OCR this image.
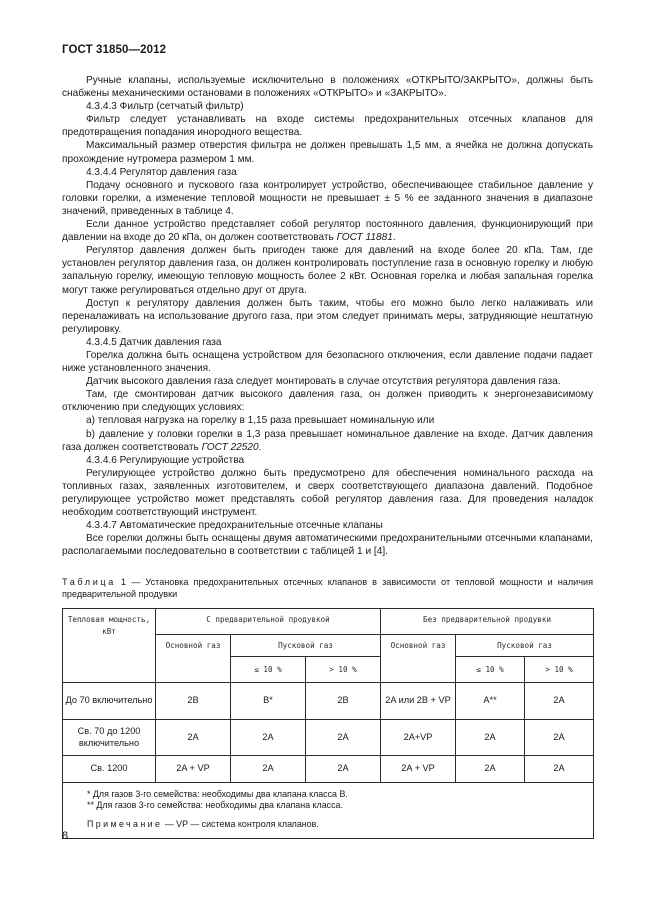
ГОСТ 31850—2012

Ручные клапаны, используемые исключительно в положениях «ОТКРЫТО/ЗАКРЫТО», должны быть снабжены механическими остановами в положениях «ОТКРЫТО» и «ЗАКРЫТО».

4.3.4.3 Фильтр (сетчатый фильтр)

Фильтр следует устанавливать на входе системы предохранительных отсечных клапанов для предотвращения попадания инородного вещества.

Максимальный размер отверстия фильтра не должен превышать 1,5 мм, а ячейка не должна допускать прохождение нутромера размером 1 мм.

4.3.4.4 Регулятор давления газа

Подачу основного и пускового газа контролирует устройство, обеспечивающее стабильное давление у головки горелки, а изменение тепловой мощности не превышает ± 5 % ее заданного значения в диапазоне значений, приведенных в таблице 4.

Если данное устройство представляет собой регулятор постоянного давления, функционирующий при давлении на входе до 20 кПа, он должен соответствовать ГОСТ 11881.

Регулятор давления должен быть пригоден также для давлений на входе более 20 кПа. Там, где установлен регулятор давления газа, он должен контролировать поступление газа в основную горелку и любую запальную горелку, имеющую тепловую мощность более 2 кВт. Основная горелка и любая запальная горелка могут также регулироваться отдельно друг от друга.

Доступ к регулятору давления должен быть таким, чтобы его можно было легко налаживать или переналаживать на использование другого газа, при этом следует принимать меры, затрудняющие нештатную регулировку.

4.3.4.5 Датчик давления газа

Горелка должна быть оснащена устройством для безопасного отключения, если давление подачи падает ниже установленного значения.

Датчик высокого давления газа следует монтировать в случае отсутствия регулятора давления газа.

Там, где смонтирован датчик высокого давления газа, он должен приводить к энергонезависимому отключению при следующих условиях:

а) тепловая нагрузка на горелку в 1,15 раза превышает номинальную или

b) давление у головки горелки в 1,3 раза превышает номинальное давление на входе. Датчик давления газа должен соответствовать ГОСТ 22520.

4.3.4.6 Регулирующие устройства

Регулирующее устройство должно быть предусмотрено для обеспечения номинального расхода на топливных газах, заявленных изготовителем, и сверх соответствующего диапазона давлений. Подобное регулирующее устройство может представлять собой регулятор давления газа. Для проведения наладок необходим соответствующий инструмент.

4.3.4.7 Автоматические предохранительные отсечные клапаны

Все горелки должны быть оснащены двумя автоматическими предохранительными отсечными клапанами, располагаемыми последовательно в соответствии с таблицей 1 и [4].

Таблица 1 — Установка предохранительных отсечных клапанов в зависимости от тепловой мощности и наличия предварительной продувки
Тепловая мощность, кВт	С предварительной продувкой			Без предварительной продувки		
	Основной газ	Пусковой газ		Основной газ	Пусковой газ	
		≤ 10 %	> 10 %		≤ 10 %	> 10 %
До 70 включительно	2B	B*	2B	2A или 2B + VP	A**	2A
Св. 70 до 1200 включительно	2A	2A	2A	2A+VP	2A	2A
Св. 1200	2A + VP	2A	2A	2A + VP	2A	2A

* Для газов 3-го семейства: необходимы два клапана класса B.
** Для газов 3-го семейства: необходимы два клапана класса.
Примечание — VP — система контроля клапанов.						
8
